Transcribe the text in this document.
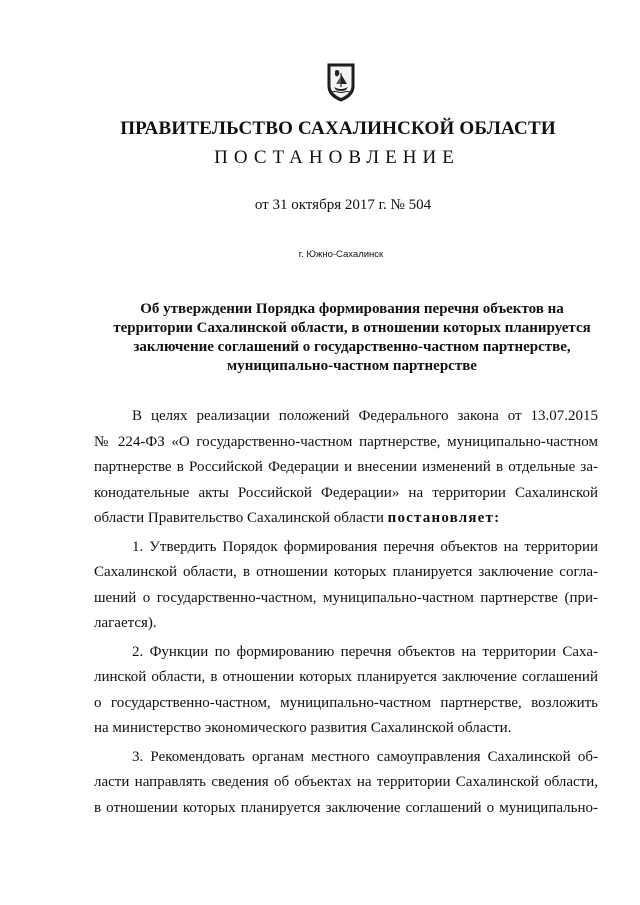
ПРАВИТЕЛЬСТВО САХАЛИНСКОЙ ОБЛАСТИ
ПОСТАНОВЛЕНИЕ
от 31 октября 2017 г. № 504
г. Южно-Сахалинск
Об утверждении Порядка формирования перечня объектов на
территории Сахалинской области, в отношении которых планируется
заключение соглашений о государственно-частном партнерстве,
муниципально-частном партнерстве
В целях реализации положений Федерального закона от 13.07.2015
№ 224-ФЗ «О государственно-частном партнерстве, муниципально-частном
партнерстве в Российской Федерации и внесении изменений в отдельные за-
конодательные акты Российской Федерации» на территории Сахалинской
области Правительство Сахалинской области постановляет:
1. Утвердить Порядок формирования перечня объектов на территории
Сахалинской области, в отношении которых планируется заключение согла-
шений о государственно-частном, муниципально-частном партнерстве (при-
лагается).
2. Функции по формированию перечня объектов на территории Саха-
линской области, в отношении которых планируется заключение соглашений
о государственно-частном, муниципально-частном партнерстве, возложить
на министерство экономического развития Сахалинской области.
3. Рекомендовать органам местного самоуправления Сахалинской об-
ласти направлять сведения об объектах на территории Сахалинской области,
в отношении которых планируется заключение соглашений о муниципально-
